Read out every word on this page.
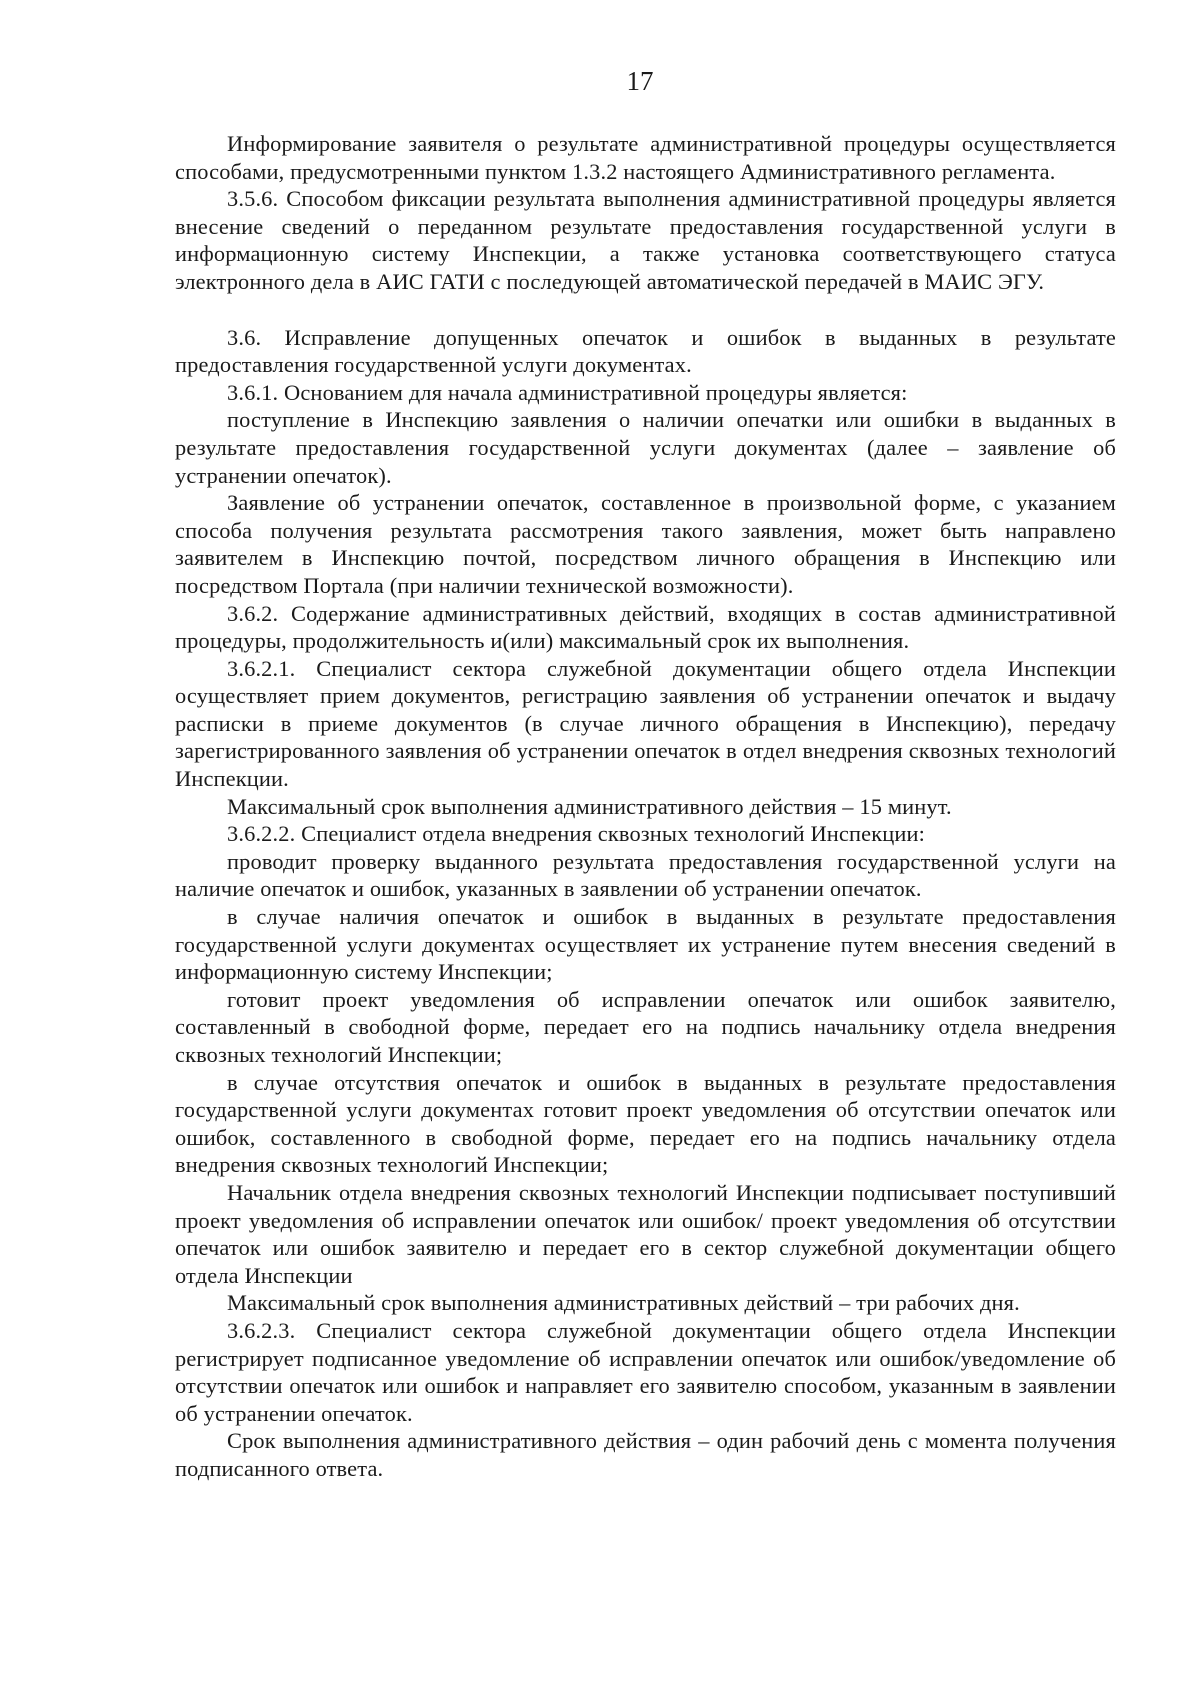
17

Информирование заявителя о результате административной процедуры осуществляется способами, предусмотренными пунктом 1.3.2 настоящего Административного регламента.

3.5.6. Способом фиксации результата выполнения административной процедуры является внесение сведений о переданном результате предоставления государственной услуги в информационную систему Инспекции, а также установка соответствующего статуса электронного дела в АИС ГАТИ с последующей автоматической передачей в МАИС ЭГУ.

3.6. Исправление допущенных опечаток и ошибок в выданных в результате предоставления государственной услуги документах.

3.6.1. Основанием для начала административной процедуры является:

поступление в Инспекцию заявления о наличии опечатки или ошибки в выданных в результате предоставления государственной услуги документах (далее – заявление об устранении опечаток).

Заявление об устранении опечаток, составленное в произвольной форме, с указанием способа получения результата рассмотрения такого заявления, может быть направлено заявителем в Инспекцию почтой, посредством личного обращения в Инспекцию или посредством Портала (при наличии технической возможности).

3.6.2. Содержание административных действий, входящих в состав административной процедуры, продолжительность и(или) максимальный срок их выполнения.

3.6.2.1. Специалист сектора служебной документации общего отдела Инспекции осуществляет прием документов, регистрацию заявления об устранении опечаток и выдачу расписки в приеме документов (в случае личного обращения в Инспекцию), передачу зарегистрированного заявления об устранении опечаток в отдел внедрения сквозных технологий Инспекции.

Максимальный срок выполнения административного действия – 15 минут.

3.6.2.2. Специалист отдела внедрения сквозных технологий Инспекции:

проводит проверку выданного результата предоставления государственной услуги на наличие опечаток и ошибок, указанных в заявлении об устранении опечаток.

в случае наличия опечаток и ошибок в выданных в результате предоставления государственной услуги документах осуществляет их устранение путем внесения сведений в информационную систему Инспекции;

готовит проект уведомления об исправлении опечаток или ошибок заявителю, составленный в свободной форме, передает его на подпись начальнику отдела внедрения сквозных технологий Инспекции;

в случае отсутствия опечаток и ошибок в выданных в результате предоставления государственной услуги документах готовит проект уведомления об отсутствии опечаток или ошибок, составленного в свободной форме, передает его на подпись начальнику отдела внедрения сквозных технологий Инспекции;

Начальник отдела внедрения сквозных технологий Инспекции подписывает поступивший проект уведомления об исправлении опечаток или ошибок/ проект уведомления об отсутствии опечаток или ошибок заявителю и передает его в сектор служебной документации общего отдела Инспекции

Максимальный срок выполнения административных действий – три рабочих дня.

3.6.2.3. Специалист сектора служебной документации общего отдела Инспекции регистрирует подписанное уведомление об исправлении опечаток или ошибок/уведомление об отсутствии опечаток или ошибок и направляет его заявителю способом, указанным в заявлении об устранении опечаток.

Срок выполнения административного действия – один рабочий день с момента получения подписанного ответа.
